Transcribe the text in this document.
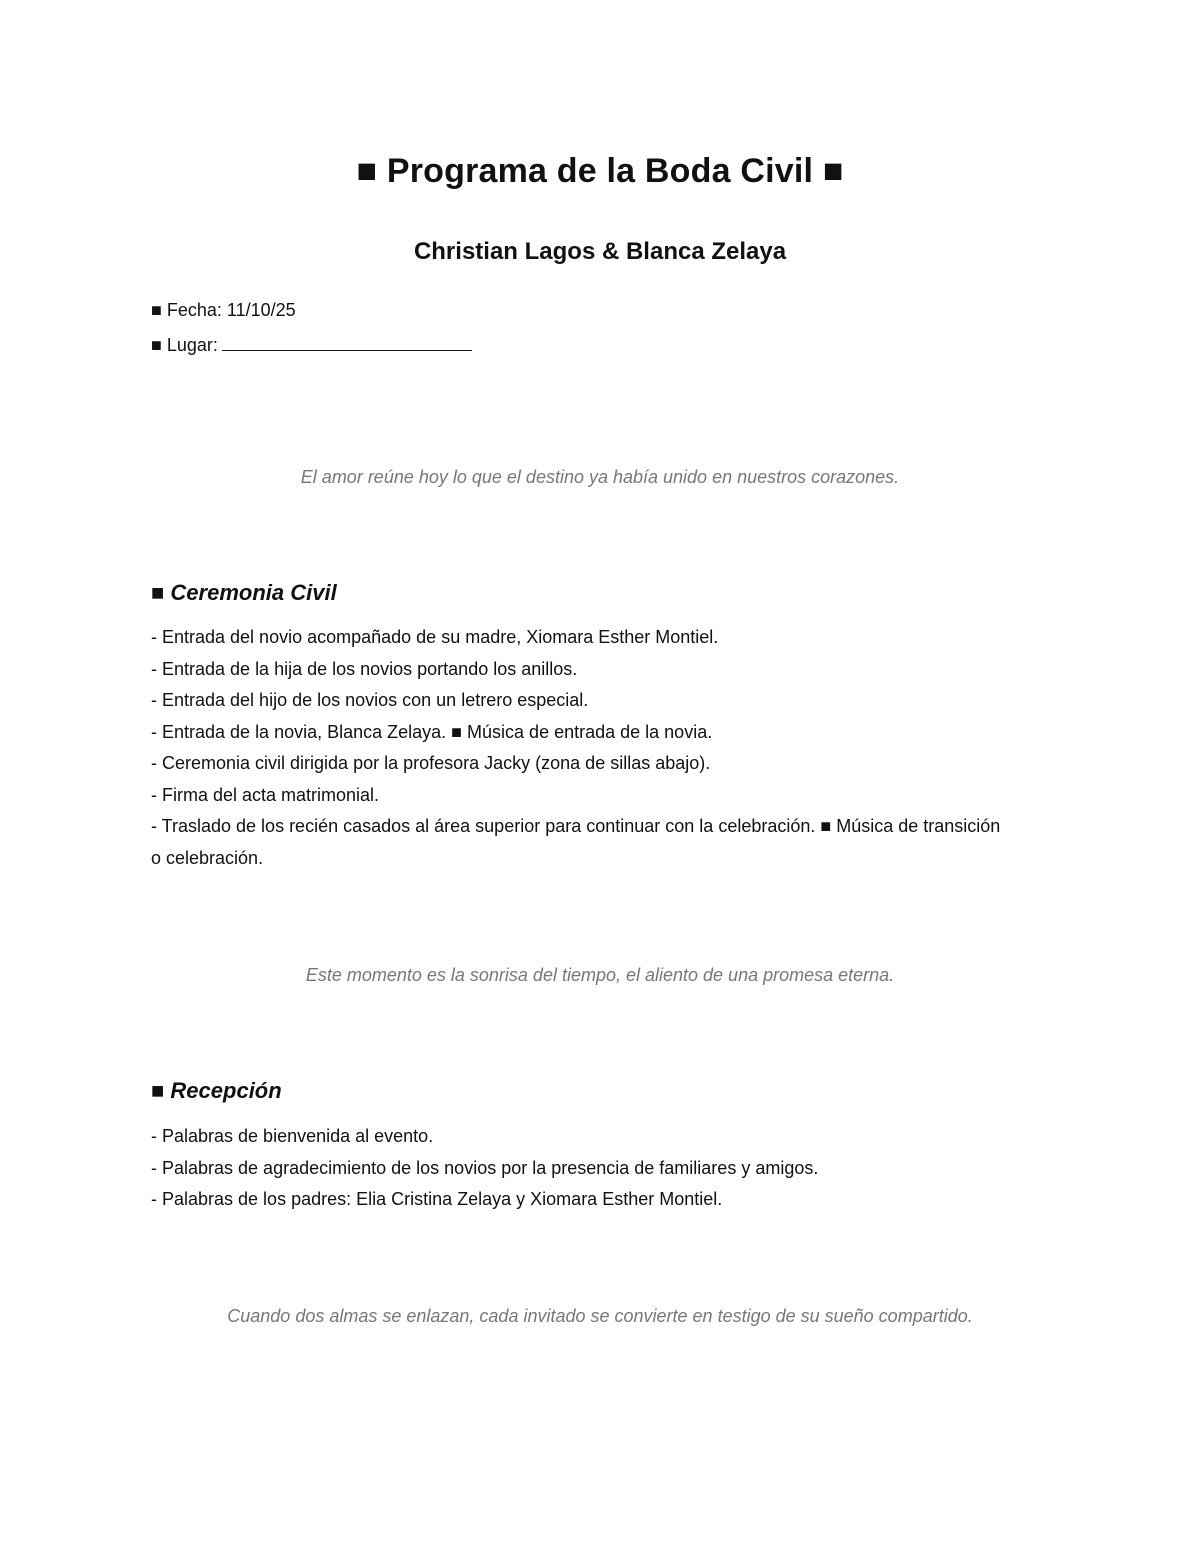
■ Programa de la Boda Civil ■
Christian Lagos & Blanca Zelaya
■ Fecha: 11/10/25
■ Lugar:
El amor reúne hoy lo que el destino ya había unido en nuestros corazones.
■ Ceremonia Civil
- Entrada del novio acompañado de su madre, Xiomara Esther Montiel.
- Entrada de la hija de los novios portando los anillos.
- Entrada del hijo de los novios con un letrero especial.
- Entrada de la novia, Blanca Zelaya. ■ Música de entrada de la novia.
- Ceremonia civil dirigida por la profesora Jacky (zona de sillas abajo).
- Firma del acta matrimonial.
- Traslado de los recién casados al área superior para continuar con la celebración. ■ Música de transición o celebración.
Este momento es la sonrisa del tiempo, el aliento de una promesa eterna.
■ Recepción
- Palabras de bienvenida al evento.
- Palabras de agradecimiento de los novios por la presencia de familiares y amigos.
- Palabras de los padres: Elia Cristina Zelaya y Xiomara Esther Montiel.
Cuando dos almas se enlazan, cada invitado se convierte en testigo de su sueño compartido.
